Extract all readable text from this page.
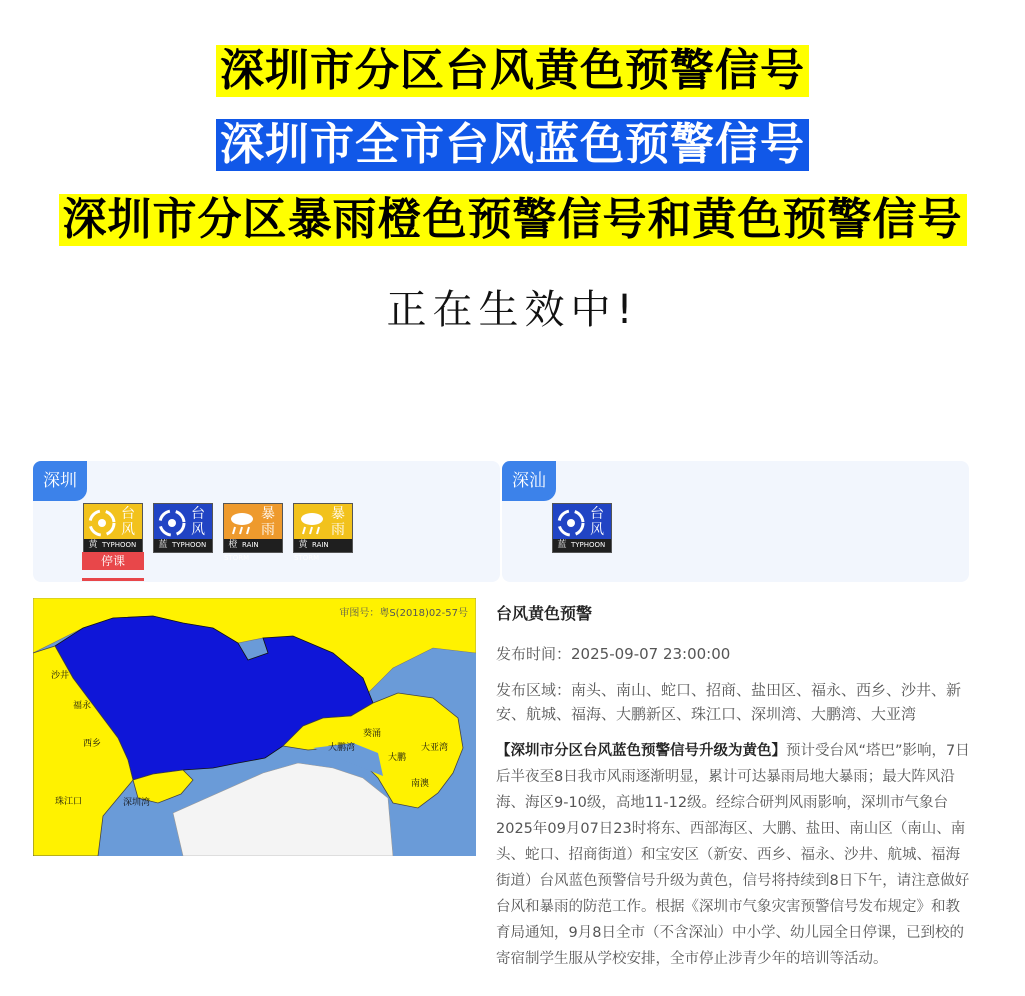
深圳市分区台风黄色预警信号
深圳市全市台风蓝色预警信号
深圳市分区暴雨橙色预警信号和黄色预警信号
正在生效中!
深圳
台
风
黄 TYPHOON
台
风
蓝 TYPHOON
暴
雨
橙 RAIN STORM
暴
雨
黄 RAIN STORM
停课
深汕
台
风
蓝 TYPHOON
审图号：粤S(2018)02-57号
沙井
福永
西乡
珠江口	深圳湾
葵涌
大鹏湾
大鹏
大亚湾
南澳
台风黄色预警
发布时间：2025-09-07 23:00:00
发布区域：南头、南山、蛇口、招商、盐田区、福永、西乡、沙井、新安、航城、福海、大鹏新区、珠江口、深圳湾、大鹏湾、大亚湾
【深圳市分区台风蓝色预警信号升级为黄色】预计受台风“塔巴”影响，7日后半夜至8日我市风雨逐渐明显，累计可达暴雨局地大暴雨；最大阵风沿海、海区9-10级，高地11-12级。经综合研判风雨影响，深圳市气象台2025年09月07日23时将东、西部海区、大鹏、盐田、南山区（南山、南头、蛇口、招商街道）和宝安区（新安、西乡、福永、沙井、航城、福海街道）台风蓝色预警信号升级为黄色，信号将持续到8日下午，请注意做好台风和暴雨的防范工作。根据《深圳市气象灾害预警信号发布规定》和教育局通知，9月8日全市（不含深汕）中小学、幼儿园全日停课，已到校的寄宿制学生服从学校安排，全市停止涉青少年的培训等活动。
